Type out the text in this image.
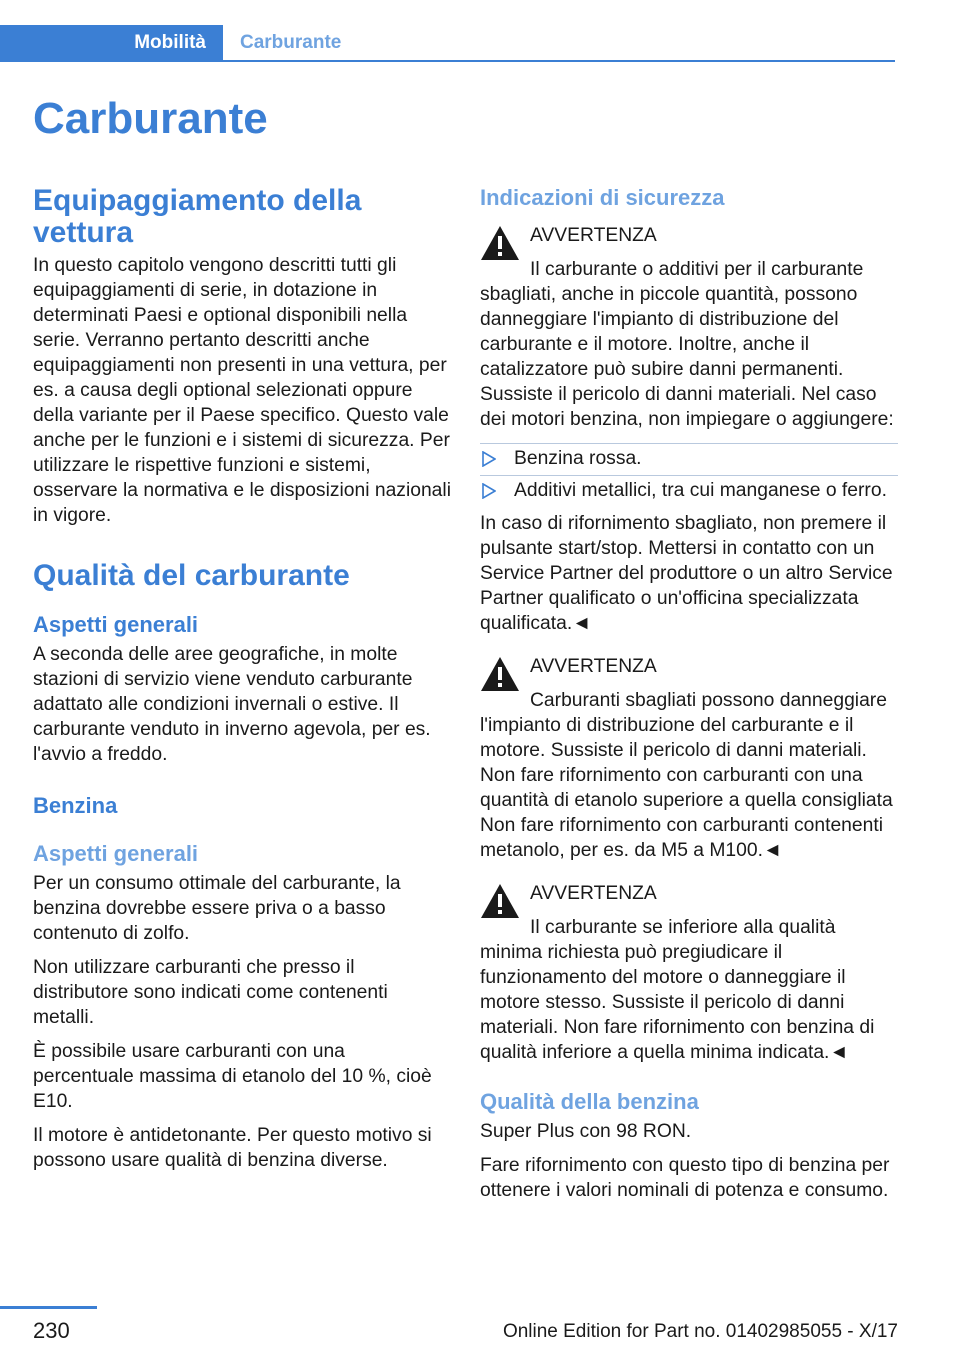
Mobilità	Carburante
Carburante
Equipaggiamento della vettura

In questo capitolo vengono descritti tutti gli equipaggiamenti di serie, in dotazione in determinati Paesi e optional disponibili nella serie. Verranno pertanto descritti anche equipaggiamenti non presenti in una vettura, per es. a causa degli optional selezionati oppure della variante per il Paese specifico. Questo vale anche per le funzioni e i sistemi di sicurezza. Per utilizzare le rispettive funzioni e sistemi, osservare la normativa e le disposizioni nazionali in vigore.

Qualità del carburante
Aspetti generali

A seconda delle aree geografiche, in molte stazioni di servizio viene venduto carburante adattato alle condizioni invernali o estive. Il carburante venduto in inverno agevola, per es. l'avvio a freddo.

Benzina
Aspetti generali

Per un consumo ottimale del carburante, la benzina dovrebbe essere priva o a basso contenuto di zolfo.

Non utilizzare carburanti che presso il distributore sono indicati come contenenti metalli.

È possibile usare carburanti con una percentuale massima di etanolo del 10 %, cioè E10.

Il motore è antidetonante. Per questo motivo si possono usare qualità di benzina diverse.

Indicazioni di sicurezza

AVVERTENZA

Il carburante o additivi per il carburante sbagliati, anche in piccole quantità, possono danneggiare l'impianto di distribuzione del carburante e il motore. Inoltre, anche il catalizzatore può subire danni permanenti. Sussiste il pericolo di danni materiali. Nel caso dei motori benzina, non impiegare o aggiungere:

Benzina rossa.
Additivi metallici, tra cui manganese o ferro.

In caso di rifornimento sbagliato, non premere il pulsante start/stop. Mettersi in contatto con un Service Partner del produttore o un altro Service Partner qualificato o un'officina specializzata qualificata.◄

AVVERTENZA

Carburanti sbagliati possono danneggiare l'impianto di distribuzione del carburante e il motore. Sussiste il pericolo di danni materiali. Non fare rifornimento con carburanti con una quantità di etanolo superiore a quella consigliata Non fare rifornimento con carburanti contenenti metanolo, per es. da M5 a M100.◄

AVVERTENZA

Il carburante se inferiore alla qualità minima richiesta può pregiudicare il funzionamento del motore o danneggiare il motore stesso. Sussiste il pericolo di danni materiali. Non fare rifornimento con benzina di qualità inferiore a quella minima indicata.◄

Qualità della benzina

Super Plus con 98 RON.

Fare rifornimento con questo tipo di benzina per ottenere i valori nominali di potenza e consumo.

230	Online Edition for Part no. 01402985055 - X/17
